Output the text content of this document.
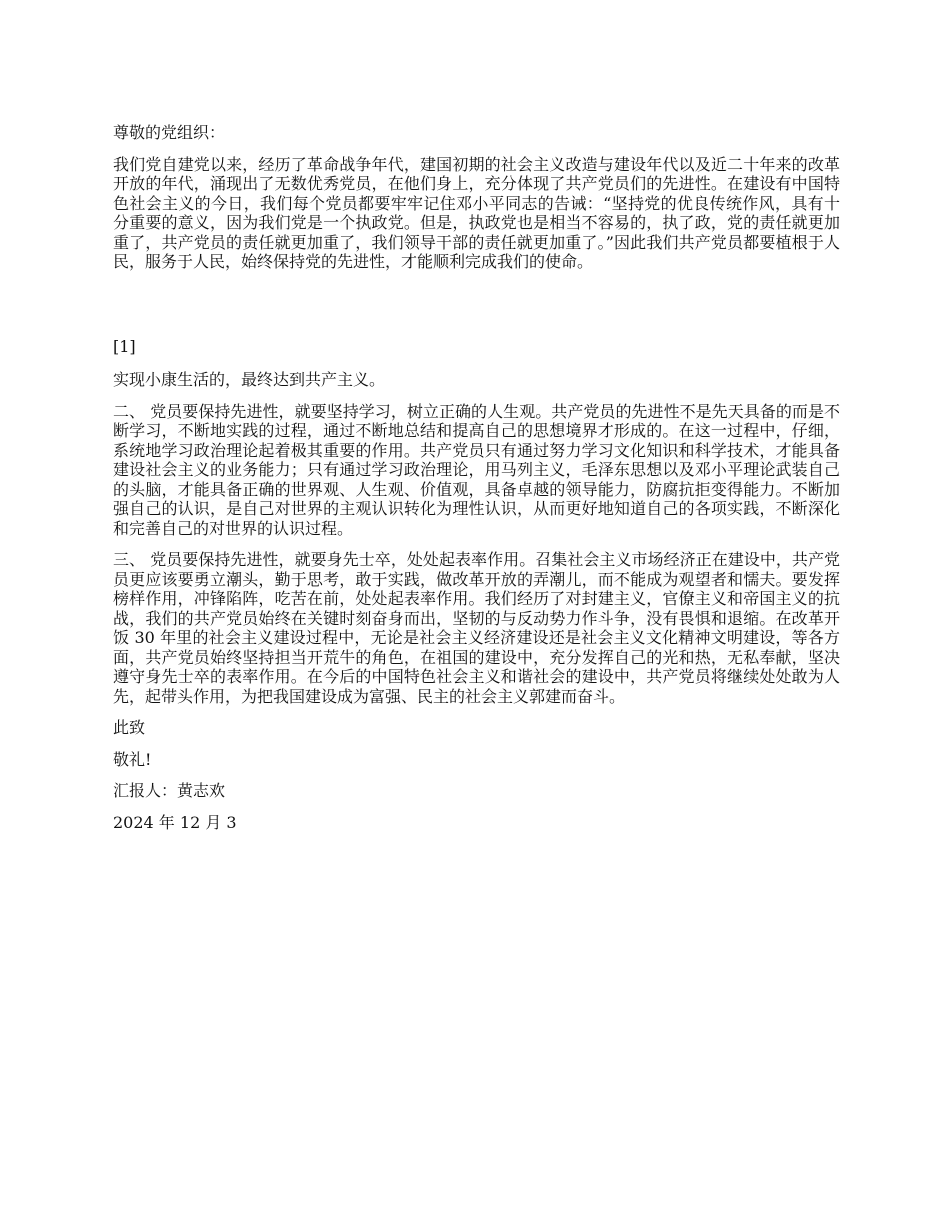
尊敬的党组织：

我们党自建党以来，经历了革命战争年代，建国初期的社会主义改造与建设年代以及近二十年来的改革开放的年代，涌现出了无数优秀党员，在他们身上，充分体现了共产党员们的先进性。在建设有中国特色社会主义的今日，我们每个党员都要牢牢记住邓小平同志的告诫：“坚持党的优良传统作风，具有十分重要的意义，因为我们党是一个执政党。但是，执政党也是相当不容易的，执了政，党的责任就更加重了，共产党员的责任就更加重了，我们领导干部的责任就更加重了。”因此我们共产党员都要植根于人民，服务于人民，始终保持党的先进性，才能顺利完成我们的使命。

[1]

实现小康生活的，最终达到共产主义。

二、 党员要保持先进性，就要坚持学习，树立正确的人生观。共产党员的先进性不是先天具备的而是不断学习，不断地实践的过程，通过不断地总结和提高自己的思想境界才形成的。在这一过程中，仔细，系统地学习政治理论起着极其重要的作用。共产党员只有通过努力学习文化知识和科学技术，才能具备建设社会主义的业务能力；只有通过学习政治理论，用马列主义，毛泽东思想以及邓小平理论武装自己的头脑，才能具备正确的世界观、人生观、价值观，具备卓越的领导能力，防腐抗拒变得能力。不断加强自己的认识，是自己对世界的主观认识转化为理性认识，从而更好地知道自己的各项实践，不断深化和完善自己的对世界的认识过程。

三、 党员要保持先进性，就要身先士卒，处处起表率作用。召集社会主义市场经济正在建设中，共产党员更应该要勇立潮头，勤于思考，敢于实践，做改革开放的弄潮儿，而不能成为观望者和懦夫。要发挥榜样作用，冲锋陷阵，吃苦在前，处处起表率作用。我们经历了对封建主义，官僚主义和帝国主义的抗战，我们的共产党员始终在关键时刻奋身而出，坚韧的与反动势力作斗争，没有畏惧和退缩。在改革开饭 30 年里的社会主义建设过程中，无论是社会主义经济建设还是社会主义文化精神文明建设，等各方面，共产党员始终坚持担当开荒牛的角色，在祖国的建设中，充分发挥自己的光和热，无私奉献，坚决遵守身先士卒的表率作用。在今后的中国特色社会主义和谐社会的建设中，共产党员将继续处处敢为人先，起带头作用，为把我国建设成为富强、民主的社会主义郭建而奋斗。

此致

敬礼!

汇报人：黄志欢

2024 年 12 月 3
